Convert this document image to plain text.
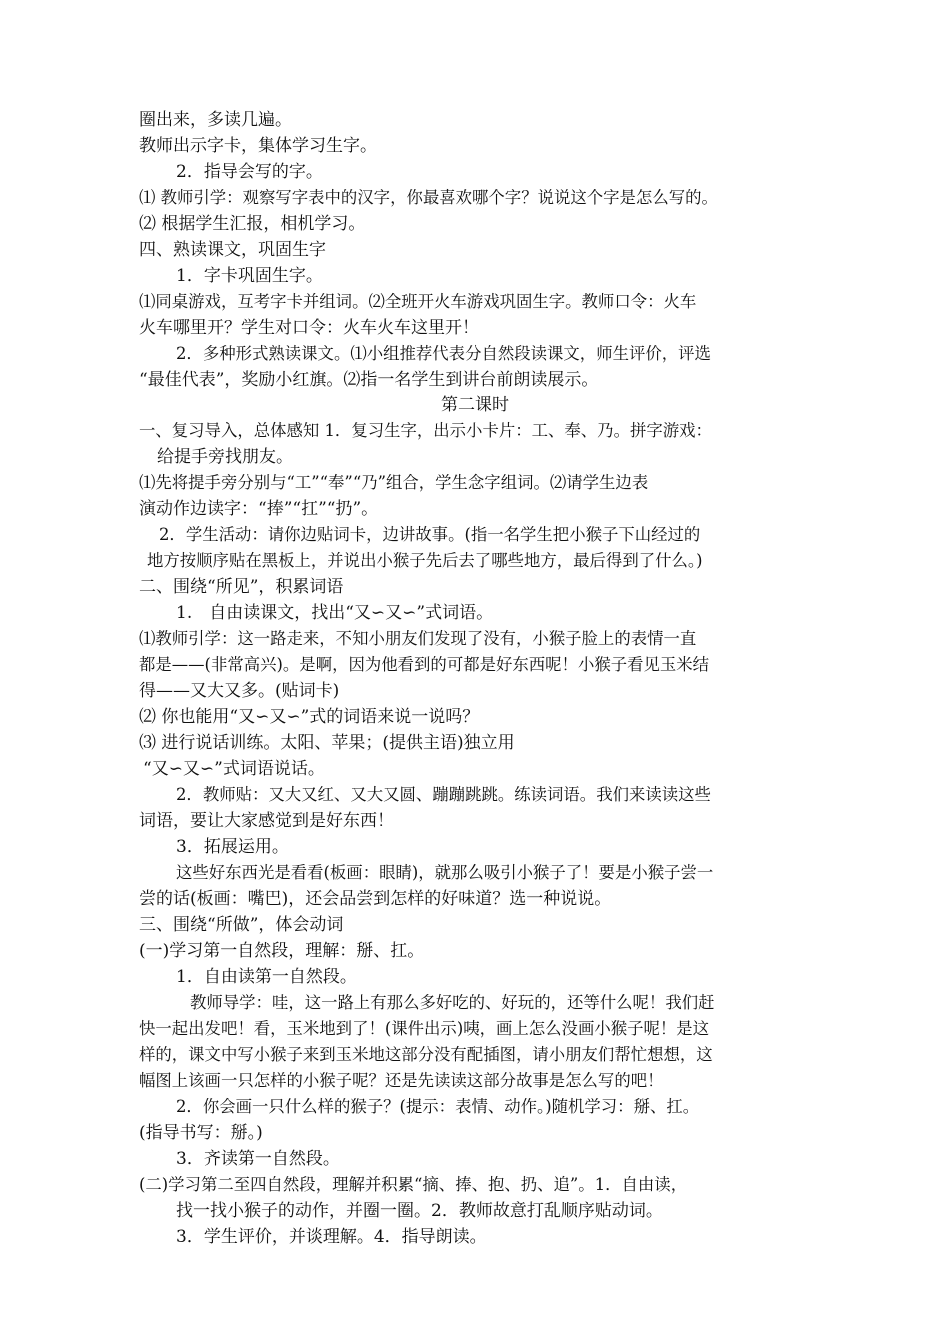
圈出来，多读几遍。
教师出示字卡，集体学习生字。
2．指导会写的字。
⑴ 教师引学：观察写字表中的汉字，你最喜欢哪个字？说说这个字是怎么写的。
⑵ 根据学生汇报，相机学习。
四、熟读课文，巩固生字
1．字卡巩固生字。
⑴同桌游戏，互考字卡并组词。⑵全班开火车游戏巩固生字。教师口令：火车
火车哪里开？学生对口令：火车火车这里开！
2．多种形式熟读课文。⑴小组推荐代表分自然段读课文，师生评价，评选
“最佳代表”，奖励小红旗。⑵指一名学生到讲台前朗读展示。
第二课时
一、复习导入，总体感知 1．复习生字，出示小卡片：工、奉、乃。拼字游戏：
给提手旁找朋友。
⑴先将提手旁分别与“工”“奉”“乃”组合，学生念字组词。⑵请学生边表
演动作边读字：“捧”“扛”“扔”。
2．学生活动：请你边贴词卡，边讲故事。(指一名学生把小猴子下山经过的
地方按顺序贴在黑板上，并说出小猴子先后去了哪些地方，最后得到了什么。)
二、围绕“所见”，积累词语
1.　自由读课文，找出“又∽又∽”式词语。
⑴教师引学：这一路走来，不知小朋友们发现了没有，小猴子脸上的表情一直
都是——(非常高兴)。是啊，因为他看到的可都是好东西呢！小猴子看见玉米结
得——又大又多。(贴词卡)
⑵ 你也能用“又∽又∽”式的词语来说一说吗？
⑶ 进行说话训练。太阳、苹果；(提供主语)独立用
“又∽又∽”式词语说话。
2．教师贴：又大又红、又大又圆、蹦蹦跳跳。练读词语。我们来读读这些
词语，要让大家感觉到是好东西！
3．拓展运用。
这些好东西光是看看(板画：眼睛)，就那么吸引小猴子了！要是小猴子尝一
尝的话(板画：嘴巴)，还会品尝到怎样的好味道？选一种说说。
三、围绕“所做”，体会动词
(一)学习第一自然段，理解：掰、扛。
1．自由读第一自然段。
教师导学：哇，这一路上有那么多好吃的、好玩的，还等什么呢！我们赶
快一起出发吧！看，玉米地到了！(课件出示)咦，画上怎么没画小猴子呢！是这
样的，课文中写小猴子来到玉米地这部分没有配插图，请小朋友们帮忙想想，这
幅图上该画一只怎样的小猴子呢？还是先读读这部分故事是怎么写的吧！
2．你会画一只什么样的猴子？(提示：表情、动作。)随机学习：掰、扛。
(指导书写：掰。)
3．齐读第一自然段。
(二)学习第二至四自然段，理解并积累“摘、捧、抱、扔、追”。1．自由读，
找一找小猴子的动作，并圈一圈。2．教师故意打乱顺序贴动词。
3．学生评价，并谈理解。4．指导朗读。
